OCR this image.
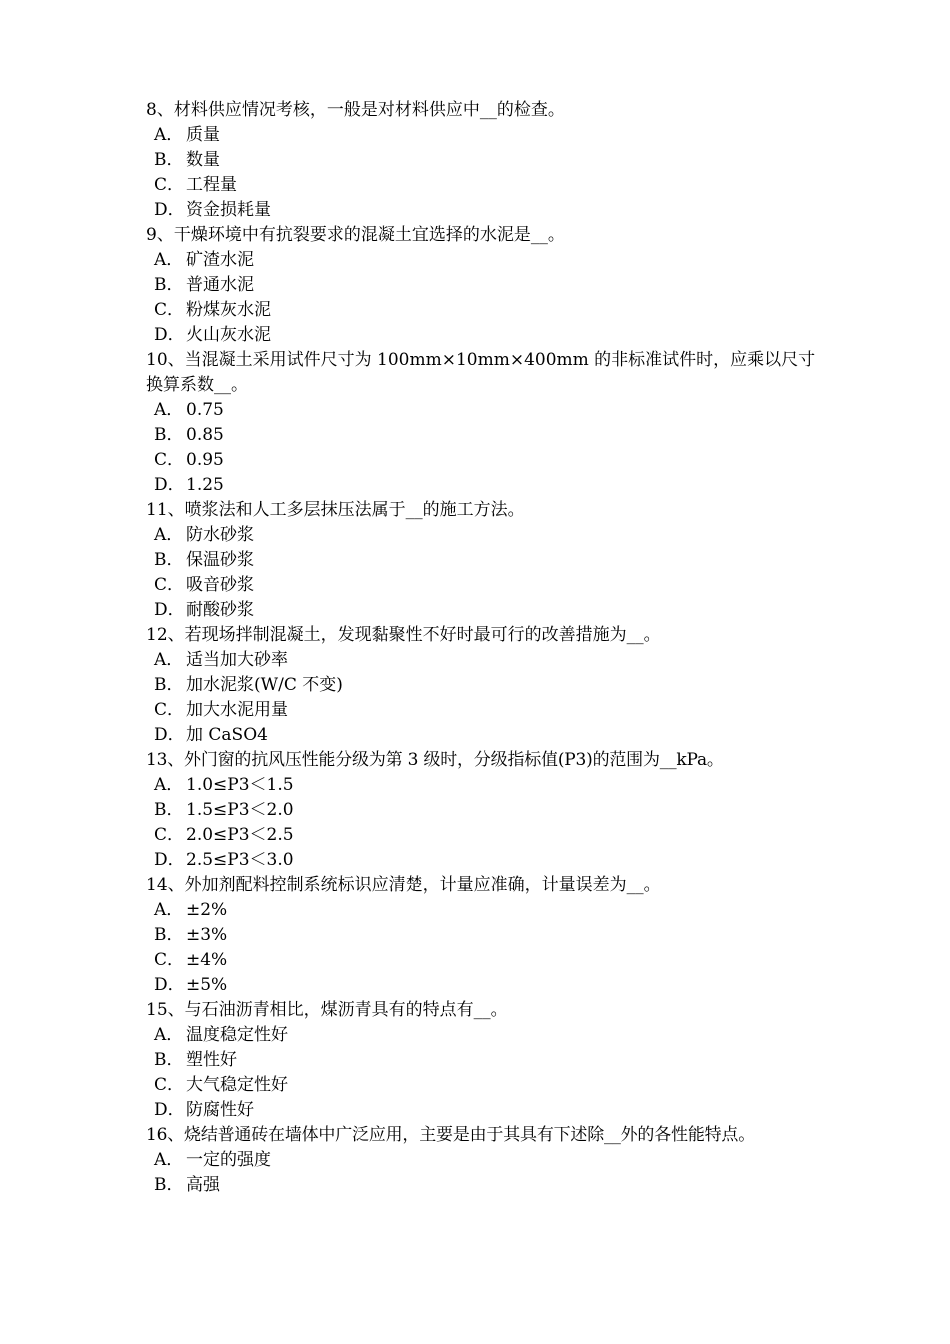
8、材料供应情况考核，一般是对材料供应中__的检查。

A． 质量
B． 数量
C． 工程量
D．资金损耗量

9、干燥环境中有抗裂要求的混凝土宜选择的水泥是__。

A． 矿渣水泥
B． 普通水泥
C． 粉煤灰水泥
D．火山灰水泥

10、当混凝土采用试件尺寸为 100mm×10mm×400mm 的非标准试件时，应乘以尺寸换算系数__。

A． 0.75
B． 0.85
C． 0.95
D．1.25

11、喷浆法和人工多层抹压法属于__的施工方法。

A． 防水砂浆
B． 保温砂浆
C． 吸音砂浆
D．耐酸砂浆

12、若现场拌制混凝土，发现黏聚性不好时最可行的改善措施为__。

A． 适当加大砂率
B． 加水泥浆(W/C 不变)
C． 加大水泥用量
D．加 CaSO4

13、外门窗的抗风压性能分级为第 3 级时，分级指标值(P3)的范围为__kPa。

A． 1.0≤P3＜1.5
B． 1.5≤P3＜2.0
C． 2.0≤P3＜2.5
D．2.5≤P3＜3.0

14、外加剂配料控制系统标识应清楚，计量应准确，计量误差为__。

A． ±2%
B． ±3%
C． ±4%
D．±5%

15、与石油沥青相比，煤沥青具有的特点有__。

A． 温度稳定性好
B． 塑性好
C． 大气稳定性好
D．防腐性好

16、烧结普通砖在墙体中广泛应用，主要是由于其具有下述除__外的各性能特点。

A． 一定的强度
B． 高强
